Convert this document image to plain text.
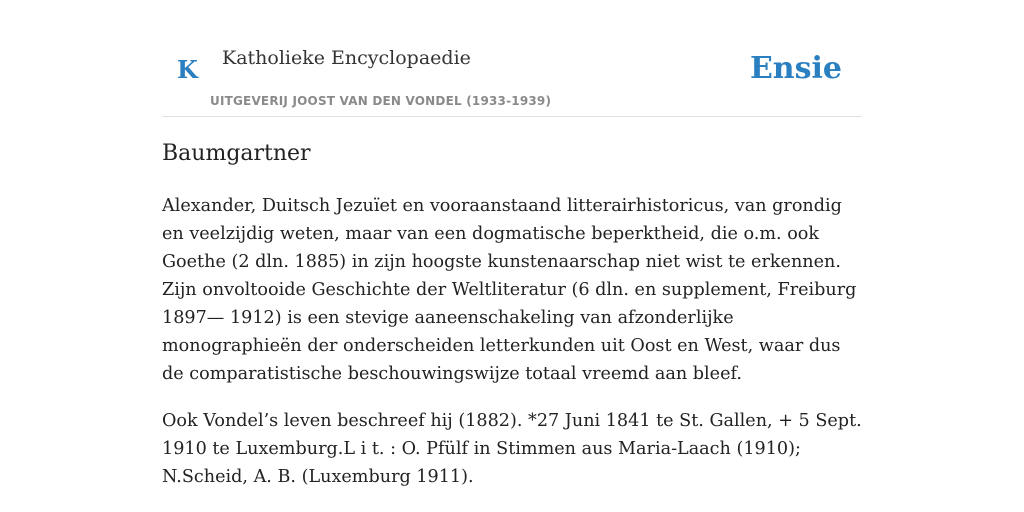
K Katholieke Encyclopaedie
UITGEVERIJ JOOST VAN DEN VONDEL (1933-1939)
Ensie
Baumgartner

Alexander, Duitsch Jezuïet en vooraanstaand litterairhistoricus, van grondig en veelzijdig weten, maar van een dogmatische beperktheid, die o.m. ook Goethe (2 dln. 1885) in zijn hoogste kunstenaarschap niet wist te erkennen. Zijn onvoltooide Geschichte der Weltliteratur (6 dln. en supplement, Freiburg 1897— 1912) is een stevige aaneenschakeling van afzonderlijke monographieën der onderscheiden letterkunden uit Oost en West, waar dus de comparatistische beschouwingswijze totaal vreemd aan bleef.

Ook Vondel’s leven beschreef hij (1882). *27 Juni 1841 te St. Gallen, + 5 Sept. 1910 te Luxemburg.L i t. : O. Pfülf in Stimmen aus Maria-Laach (1910); N.Scheid, A. B. (Luxemburg 1911).
